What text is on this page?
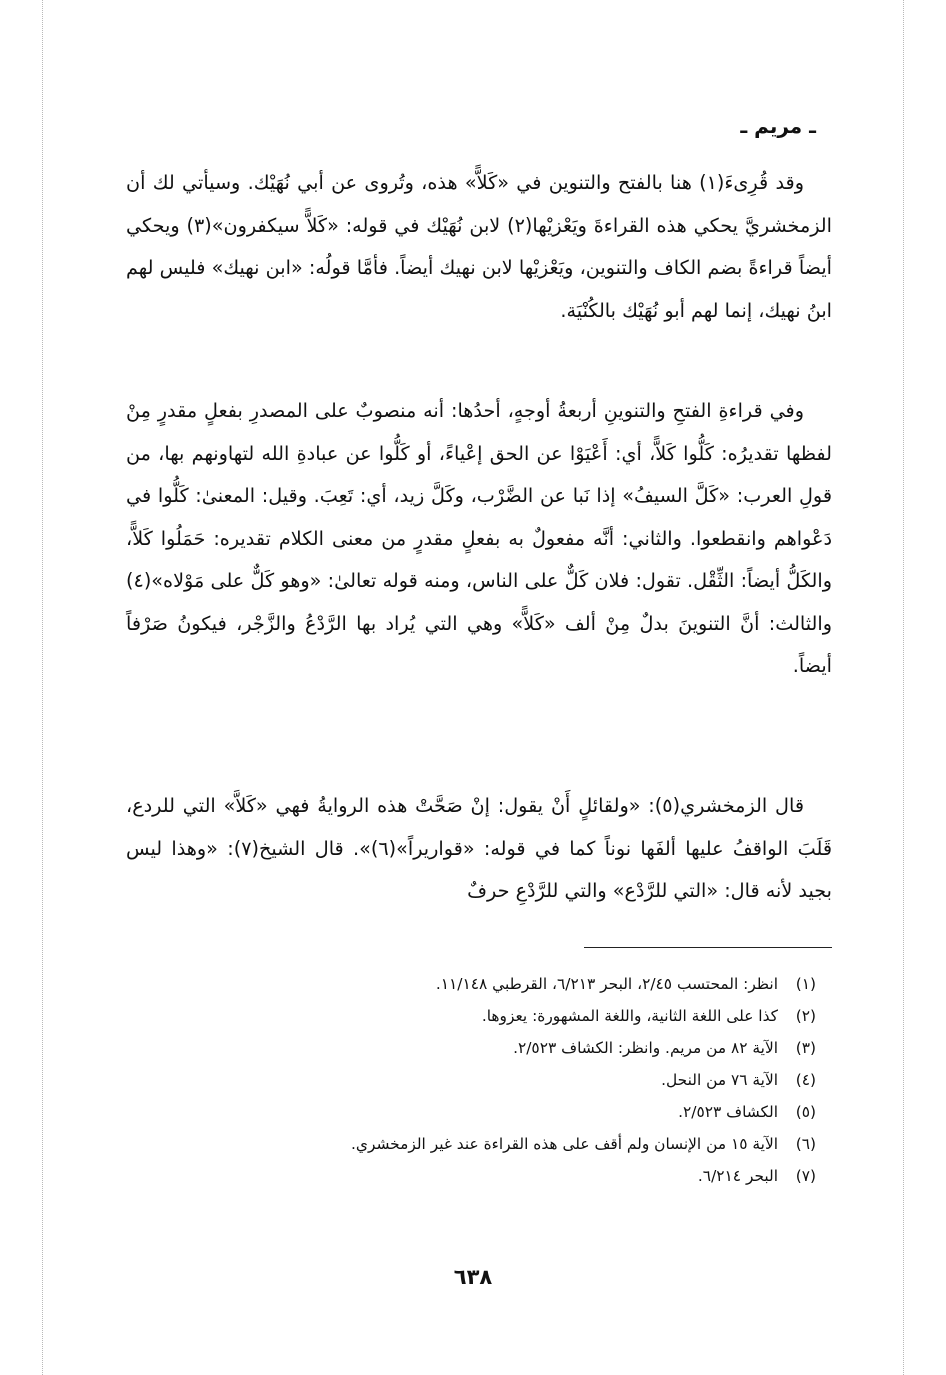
ـ مريم ـ

وقد قُرِىءَ(١) هنا بالفتح والتنوين في «كَلاًّ» هذه، وتُروى عن أبي نُهَيْك. وسيأتي لك أن الزمخشريَّ يحكي هذه القراءةَ ويَعْزيْها(٢) لابن نُهَيْك في قوله: «كَلاًّ سيكفرون»(٣) ويحكي أيضاً قراءةً بضم الكاف والتنوين، ويَعْزيْها لابن نهيك أيضاً. فأمَّا قولُه: «ابن نهيك» فليس لهم ابنُ نهيك، إنما لهم أبو نُهَيْك بالكُنْيَة.

وفي قراءةِ الفتحِ والتنوينِ أربعةُ أوجهٍ، أحدُها: أنه منصوبٌ على المصدرِ بفعلٍ مقدرٍ مِنْ لفظها تقديرُه: كَلُّوا كَلاًّ، أي: أَعْيَوْا عن الحق إعْياءً، أو كَلُّوا عن عبادةِ الله لتهاونهم بها، من قولِ العرب: «كَلَّ السيفُ» إذا نَبا عن الضَّرْب، وكَلَّ زيد، أي: تَعِبَ. وقيل: المعنىٰ: كَلُّوا في دَعْواهم وانقطعوا. والثاني: أنَّه مفعولٌ به بفعلٍ مقدرٍ من معنى الكلام تقديره: حَمَلُوا كَلاًّ، والكَلُّ أيضاً: الثِّقْل. تقول: فلان كَلٌّ على الناس، ومنه قوله تعالىٰ: «وهو كَلٌّ على مَوْلاه»(٤) والثالث: أنَّ التنوينَ بدلٌ مِنْ ألف «كَلاًّ» وهي التي يُراد بها الرَّدْعُ والزَّجْر، فيكونُ صَرْفاً أيضاً.

قال الزمخشري(٥): «ولقائلٍ أَنْ يقول: إنْ صَحَّتْ هذه الروايةُ فهي «كَلاَّ» التي للردع، قَلَبَ الواقفُ عليها ألفَها نوناً كما في قوله: «قواريراً»(٦)». قال الشيخ(٧): «وهذا ليس بجيد لأنه قال: «التي للرَّدْع» والتي للرَّدْعِ حرفٌ

(١)
انظر: المحتسب ٢/٤٥، البحر ٦/٢١٣، القرطبي ١١/١٤٨.
(٢)
كذا على اللغة الثانية، واللغة المشهورة: يعزوها.
(٣)
الآية ٨٢ من مريم. وانظر: الكشاف ٢/٥٢٣.
(٤)
الآية ٧٦ من النحل.
(٥)
الكشاف ٢/٥٢٣.
(٦)
الآية ١٥ من الإنسان ولم أقف على هذه القراءة عند غير الزمخشري.
(٧)
البحر ٦/٢١٤.
٦٣٨
